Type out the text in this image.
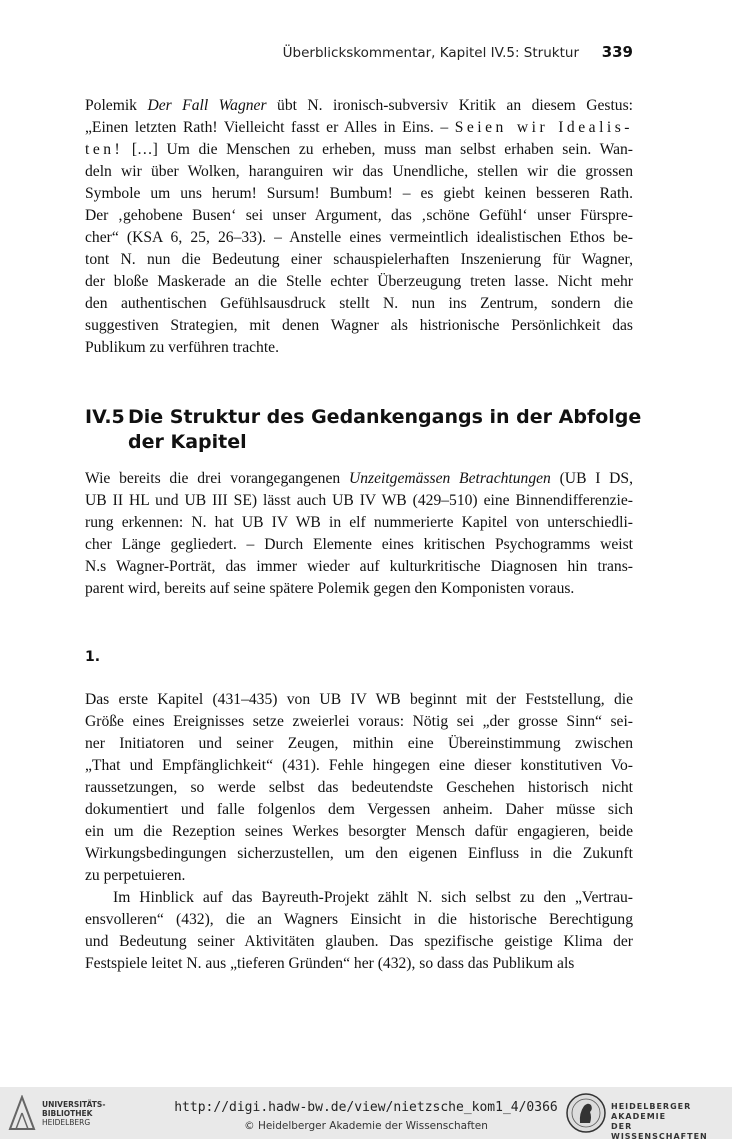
Überblickskommentar, Kapitel IV.5: Struktur 339
Polemik Der Fall Wagner übt N. ironisch-subversiv Kritik an diesem Gestus:
„Einen letzten Rath! Vielleicht fasst er Alles in Eins. – Seien wir Idealis-
ten! […] Um die Menschen zu erheben, muss man selbst erhaben sein. Wan-
deln wir über Wolken, haranguiren wir das Unendliche, stellen wir die grossen
Symbole um uns herum! Sursum! Bumbum! – es giebt keinen besseren Rath.
Der ‚gehobene Busen‘ sei unser Argument, das ‚schöne Gefühl‘ unser Fürspre-
cher“ (KSA 6, 25, 26–33). – Anstelle eines vermeintlich idealistischen Ethos be-
tont N. nun die Bedeutung einer schauspielerhaften Inszenierung für Wagner,
der bloße Maskerade an die Stelle echter Überzeugung treten lasse. Nicht mehr
den authentischen Gefühlsausdruck stellt N. nun ins Zentrum, sondern die
suggestiven Strategien, mit denen Wagner als histrionische Persönlichkeit das
Publikum zu verführen trachte.
IV.5 Die Struktur des Gedankengangs in der Abfolge
der Kapitel
Wie bereits die drei vorangegangenen Unzeitgemässen Betrachtungen (UB I DS,
UB II HL und UB III SE) lässt auch UB IV WB (429–510) eine Binnendifferenzie-
rung erkennen: N. hat UB IV WB in elf nummerierte Kapitel von unterschiedli-
cher Länge gegliedert. – Durch Elemente eines kritischen Psychogramms weist
N.s Wagner-Porträt, das immer wieder auf kulturkritische Diagnosen hin trans-
parent wird, bereits auf seine spätere Polemik gegen den Komponisten voraus.
1.
Das erste Kapitel (431–435) von UB IV WB beginnt mit der Feststellung, die
Größe eines Ereignisses setze zweierlei voraus: Nötig sei „der grosse Sinn“ sei-
ner Initiatoren und seiner Zeugen, mithin eine Übereinstimmung zwischen
„That und Empfänglichkeit“ (431). Fehle hingegen eine dieser konstitutiven Vo-
raussetzungen, so werde selbst das bedeutendste Geschehen historisch nicht
dokumentiert und falle folgenlos dem Vergessen anheim. Daher müsse sich
ein um die Rezeption seines Werkes besorgter Mensch dafür engagieren, beide
Wirkungsbedingungen sicherzustellen, um den eigenen Einfluss in die Zukunft
zu perpetuieren.
Im Hinblick auf das Bayreuth-Projekt zählt N. sich selbst zu den „Vertrau-
ensvolleren“ (432), die an Wagners Einsicht in die historische Berechtigung
und Bedeutung seiner Aktivitäten glauben. Das spezifische geistige Klima der
Festspiele leitet N. aus „tieferen Gründen“ her (432), so dass das Publikum als
UNIVERSITÄTS-
BIBLIOTHEK
HEIDELBERG
http://digi.hadw-bw.de/view/nietzsche_kom1_4/0366
© Heidelberger Akademie der Wissenschaften
HEIDELBERGER AKADEMIE
DER WISSENSCHAFTEN
